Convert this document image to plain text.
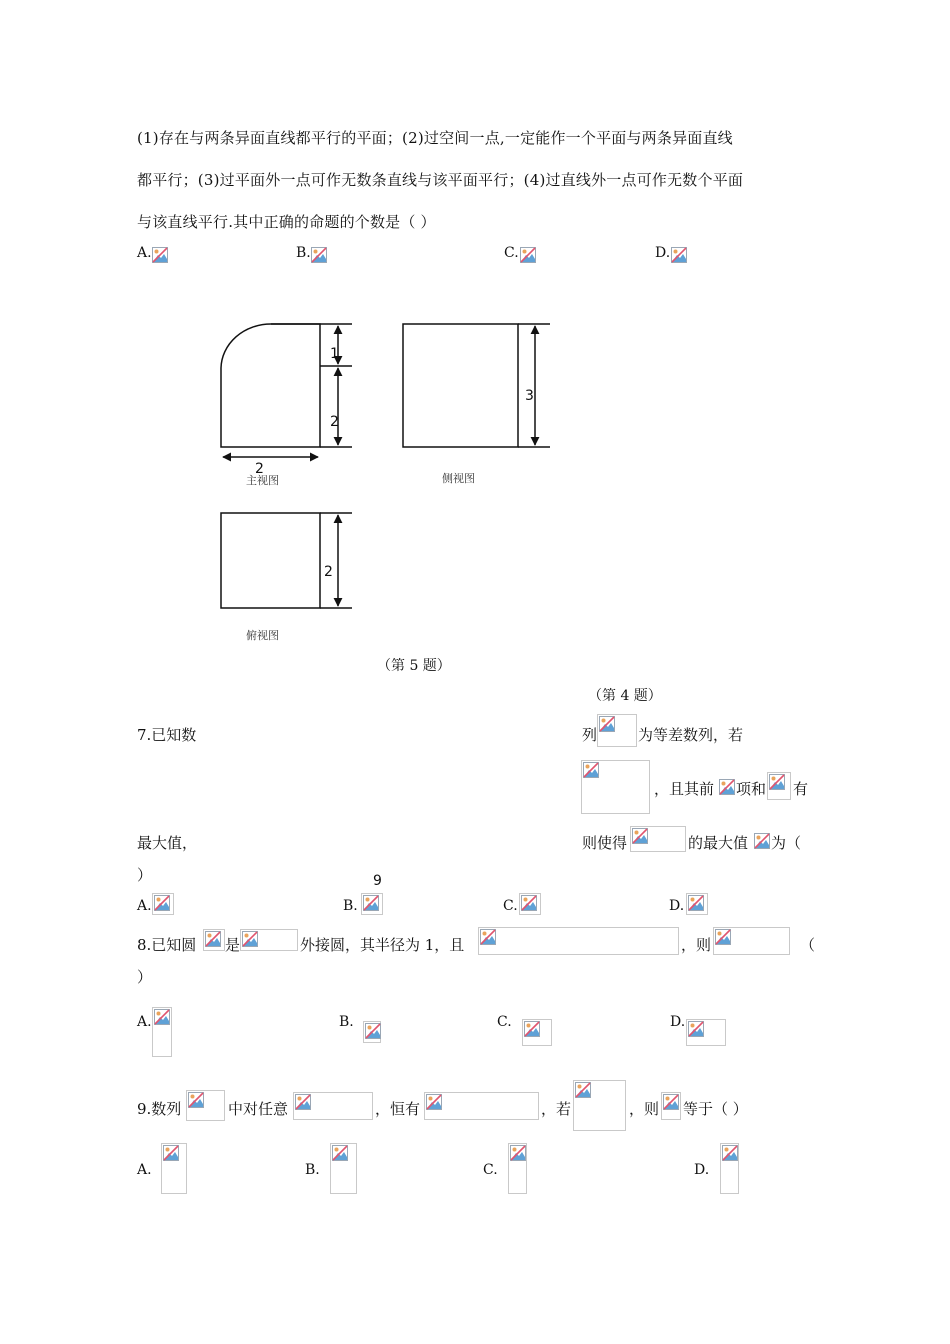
(1)存在与两条异面直线都平行的平面；(2)过空间一点,一定能作一个平面与两条异面直线
都平行；(3)过平面外一点可作无数条直线与该平面平行；(4)过直线外一点可作无数个平面
与该直线平行.其中正确的命题的个数是（ ）
A.	B.	C.	D.
1
2
2
3
2
主视图	侧视图
俯视图
（第 5 题）
（第 4 题）
7.已知数	列	为等差数列，若
，且其前 项和 有
最大值，	则使得	的最大值 为（
）	9
A.	B.	C.	D.
8.已知圆 是	外接圆，其半径为 1，且	，则	（
）
A.	B.	C.	D.
9.数列	中对任意	，恒有	，若	，则 等于（ ）
A.	B.	C.	D.
